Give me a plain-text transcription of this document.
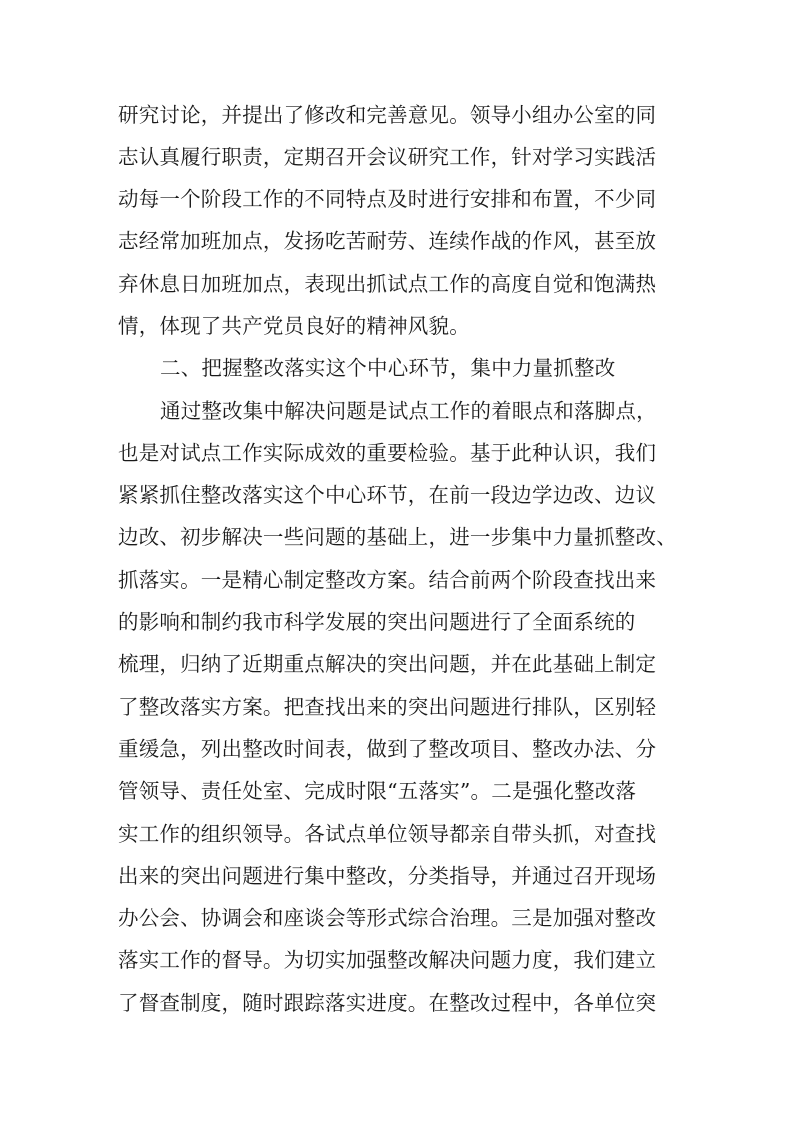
研究讨论，并提出了修改和完善意见。领导小组办公室的同
志认真履行职责，定期召开会议研究工作，针对学习实践活
动每一个阶段工作的不同特点及时进行安排和布置，不少同
志经常加班加点，发扬吃苦耐劳、连续作战的作风，甚至放
弃休息日加班加点，表现出抓试点工作的高度自觉和饱满热
情，体现了共产党员良好的精神风貌。
二、把握整改落实这个中心环节，集中力量抓整改
通过整改集中解决问题是试点工作的着眼点和落脚点，
也是对试点工作实际成效的重要检验。基于此种认识，我们
紧紧抓住整改落实这个中心环节，在前一段边学边改、边议
边改、初步解决一些问题的基础上，进一步集中力量抓整改、
抓落实。一是精心制定整改方案。结合前两个阶段查找出来
的影响和制约我市科学发展的突出问题进行了全面系统的
梳理，归纳了近期重点解决的突出问题，并在此基础上制定
了整改落实方案。把查找出来的突出问题进行排队，区别轻
重缓急，列出整改时间表，做到了整改项目、整改办法、分
管领导、责任处室、完成时限“五落实”。二是强化整改落
实工作的组织领导。各试点单位领导都亲自带头抓，对查找
出来的突出问题进行集中整改，分类指导，并通过召开现场
办公会、协调会和座谈会等形式综合治理。三是加强对整改
落实工作的督导。为切实加强整改解决问题力度，我们建立
了督查制度，随时跟踪落实进度。在整改过程中，各单位突
